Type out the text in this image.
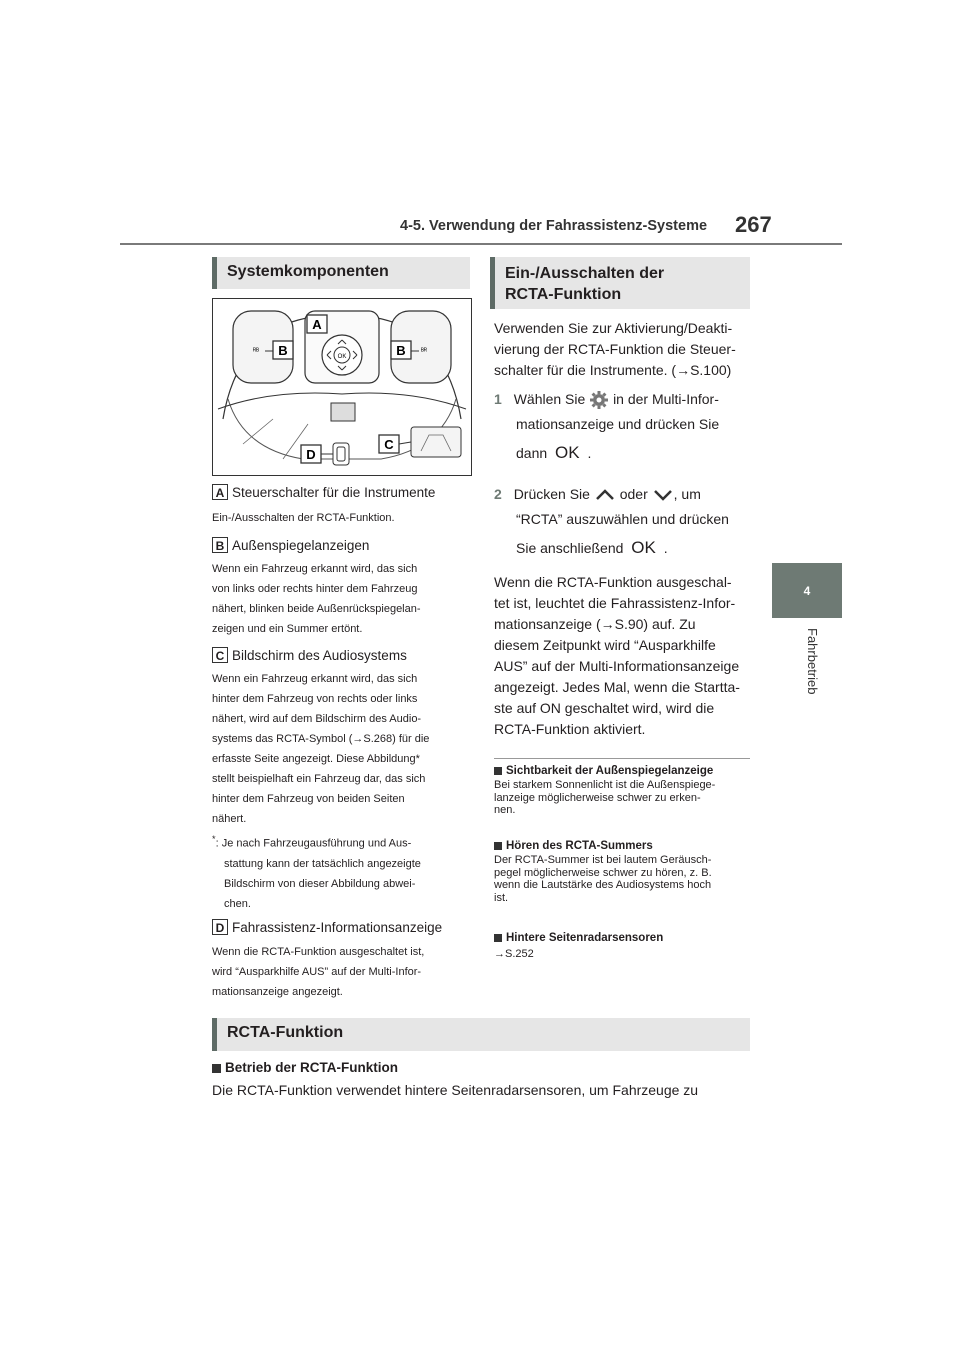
4-5. Verwendung der Fahrassistenz-Systeme 267
4
Fahrbetrieb
Systemkomponenten
OK
ᴿᴮ	ᴮᴿ
A
B	B
C
D
A Steuerschalter für die Instrumente
Ein-/Ausschalten der RCTA-Funktion.
B Außenspiegelanzeigen
Wenn ein Fahrzeug erkannt wird, das sich
von links oder rechts hinter dem Fahrzeug
nähert, blinken beide Außenrückspiegelan-
zeigen und ein Summer ertönt.
C Bildschirm des Audiosystems
Wenn ein Fahrzeug erkannt wird, das sich
hinter dem Fahrzeug von rechts oder links
nähert, wird auf dem Bildschirm des Audio-
systems das RCTA-Symbol (→S.268) für die
erfasste Seite angezeigt. Diese Abbildung*
stellt beispielhaft ein Fahrzeug dar, das sich
hinter dem Fahrzeug von beiden Seiten
nähert.
*: Je nach Fahrzeugausführung und Aus-
stattung kann der tatsächlich angezeigte
Bildschirm von dieser Abbildung abwei-
chen.
D Fahrassistenz-Informationsanzeige
Wenn die RCTA-Funktion ausgeschaltet ist,
wird “Ausparkhilfe AUS” auf der Multi-Infor-
mationsanzeige angezeigt.
Ein-/Ausschalten der
RCTA-Funktion
Verwenden Sie zur Aktivierung/Deakti-
vierung der RCTA-Funktion die Steuer-
schalter für die Instrumente. (→S.100)
1 Wählen Sie in der Multi-Infor-
mationsanzeige und drücken Sie
dann OK .
2 Drücken Sie oder , um
“RCTA” auszuwählen und drücken
Sie anschließend OK .
Wenn die RCTA-Funktion ausgeschal-
tet ist, leuchtet die Fahrassistenz-Infor-
mationsanzeige (→S.90) auf. Zu
diesem Zeitpunkt wird “Ausparkhilfe
AUS” auf der Multi-Informationsanzeige
angezeigt. Jedes Mal, wenn die Startta-
ste auf ON geschaltet wird, wird die
RCTA-Funktion aktiviert.
Sichtbarkeit der Außenspiegelanzeige
Bei starkem Sonnenlicht ist die Außenspiege-
lanzeige möglicherweise schwer zu erken-
nen.
Hören des RCTA-Summers
Der RCTA-Summer ist bei lautem Geräusch-
pegel möglicherweise schwer zu hören, z. B.
wenn die Lautstärke des Audiosystems hoch
ist.
Hintere Seitenradarsensoren
→S.252
RCTA-Funktion
Betrieb der RCTA-Funktion
Die RCTA-Funktion verwendet hintere Seitenradarsensoren, um Fahrzeuge zu
